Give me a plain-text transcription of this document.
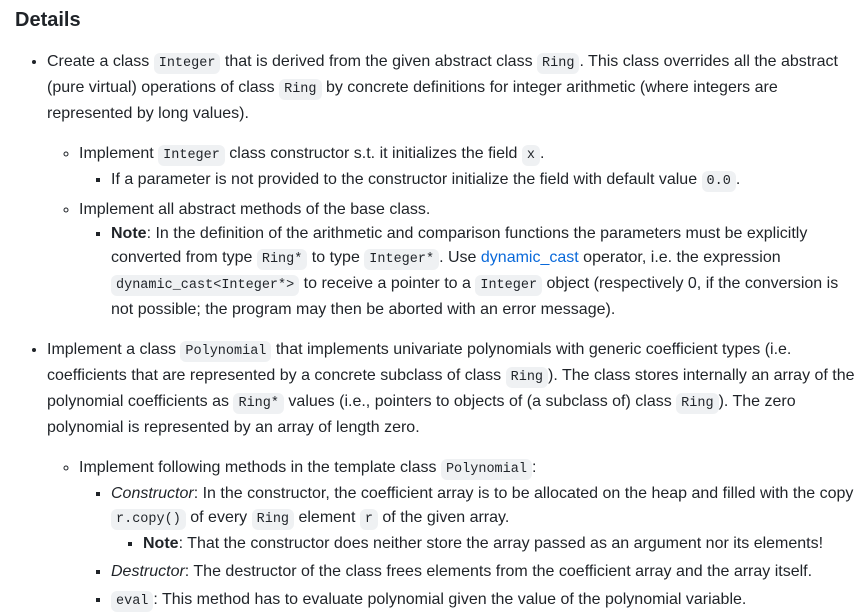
Details
• Create a class Integer that is derived from the given abstract class Ring . This class overrides all the abstract (pure virtual) operations of class Ring by concrete definitions for integer arithmetic (where integers are represented by long values).
◦ Implement Integer class constructor s.t. it initializes the field x .
▪ If a parameter is not provided to the constructor initialize the field with default value 0.0 .
◦ Implement all abstract methods of the base class.
▪ Note: In the definition of the arithmetic and comparison functions the parameters must be explicitly converted from type Ring* to type Integer* . Use dynamic_cast operator, i.e. the expression dynamic_cast<Integer*> to receive a pointer to a Integer object (respectively 0, if the conversion is not possible; the program may then be aborted with an error message).
• Implement a class Polynomial that implements univariate polynomials with generic coefficient types (i.e. coefficients that are represented by a concrete subclass of class Ring ). The class stores internally an array of the polynomial coefficients as Ring* values (i.e., pointers to objects of (a subclass of) class Ring ). The zero polynomial is represented by an array of length zero.
◦ Implement following methods in the template class Polynomial :
▪ Constructor: In the constructor, the coefficient array is to be allocated on the heap and filled with the copy r.copy() of every Ring element r of the given array.
▪ Note: That the constructor does neither store the array passed as an argument nor its elements!
▪ Destructor: The destructor of the class frees elements from the coefficient array and the array itself.
▪ eval : This method has to evaluate polynomial given the value of the polynomial variable.
